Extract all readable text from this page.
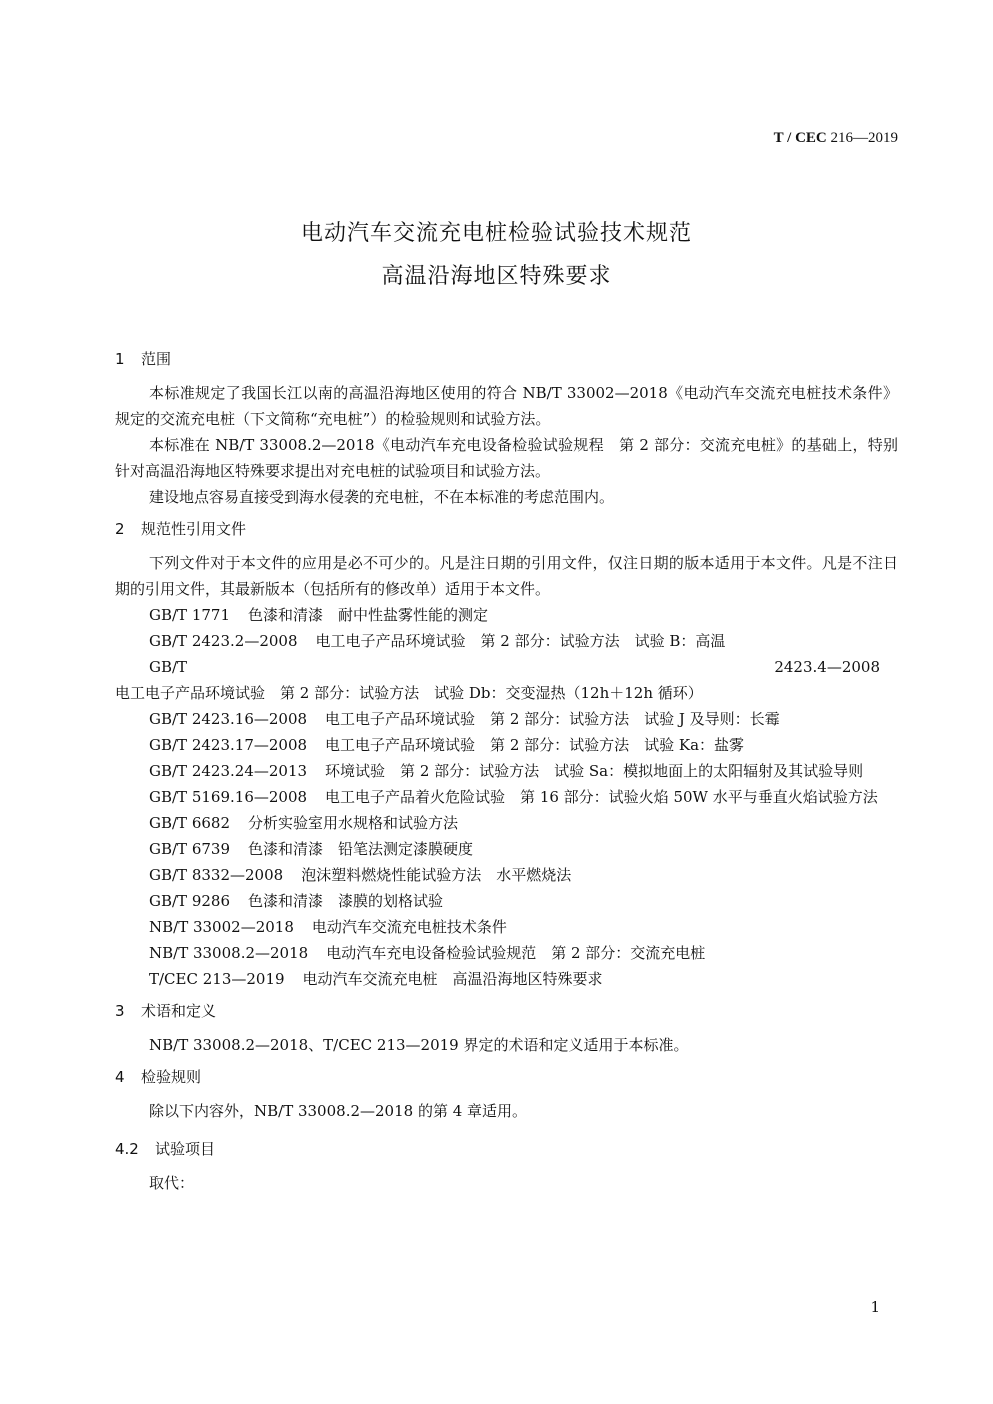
T / CEC 216—2019
电动汽车交流充电桩检验试验技术规范
高温沿海地区特殊要求
1 范围

本标准规定了我国长江以南的高温沿海地区使用的符合 NB/T 33002—2018《电动汽车交流充电桩技术条件》规定的交流充电桩（下文简称“充电桩”）的检验规则和试验方法。

本标准在 NB/T 33008.2—2018《电动汽车充电设备检验试验规程　第 2 部分：交流充电桩》的基础上，特别针对高温沿海地区特殊要求提出对充电桩的试验项目和试验方法。

建设地点容易直接受到海水侵袭的充电桩，不在本标准的考虑范围内。

2 规范性引用文件

下列文件对于本文件的应用是必不可少的。凡是注日期的引用文件，仅注日期的版本适用于本文件。凡是不注日期的引用文件，其最新版本（包括所有的修改单）适用于本文件。

GB/T 1771 色漆和清漆　耐中性盐雾性能的测定

GB/T 2423.2—2008 电工电子产品环境试验　第 2 部分：试验方法　试验 B：高温

GB/T 2423.4—2008电工电子产品环境试验　第 2 部分：试验方法　试验 Db：交变湿热（12h＋12h 循环）

GB/T 2423.16—2008 电工电子产品环境试验　第 2 部分：试验方法　试验 J 及导则：长霉

GB/T 2423.17—2008 电工电子产品环境试验　第 2 部分：试验方法　试验 Ka：盐雾

GB/T 2423.24—2013 环境试验　第 2 部分：试验方法　试验 Sa：模拟地面上的太阳辐射及其试验导则

GB/T 5169.16—2008 电工电子产品着火危险试验　第 16 部分：试验火焰 50W 水平与垂直火焰试验方法

GB/T 6682 分析实验室用水规格和试验方法

GB/T 6739 色漆和清漆　铅笔法测定漆膜硬度

GB/T 8332—2008 泡沫塑料燃烧性能试验方法　水平燃烧法

GB/T 9286 色漆和清漆　漆膜的划格试验

NB/T 33002—2018 电动汽车交流充电桩技术条件

NB/T 33008.2—2018 电动汽车充电设备检验试验规范　第 2 部分：交流充电桩

T/CEC 213—2019 电动汽车交流充电桩　高温沿海地区特殊要求

3 术语和定义

NB/T 33008.2—2018、T/CEC 213—2019 界定的术语和定义适用于本标准。

4 检验规则

除以下内容外，NB/T 33008.2—2018 的第 4 章适用。

4.2 试验项目

取代：

1
